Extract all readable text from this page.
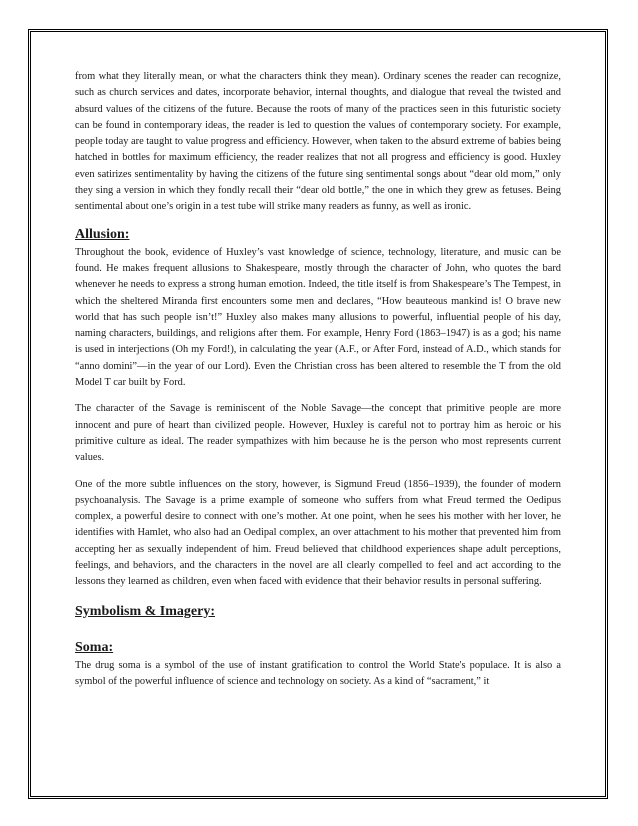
from what they literally mean, or what the characters think they mean). Ordinary scenes the reader can recognize, such as church services and dates, incorporate behavior, internal thoughts, and dialogue that reveal the twisted and absurd values of the citizens of the future. Because the roots of many of the practices seen in this futuristic society can be found in contemporary ideas, the reader is led to question the values of contemporary society. For example, people today are taught to value progress and efficiency. However, when taken to the absurd extreme of babies being hatched in bottles for maximum efficiency, the reader realizes that not all progress and efficiency is good. Huxley even satirizes sentimentality by having the citizens of the future sing sentimental songs about “dear old mom,” only they sing a version in which they fondly recall their “dear old bottle,” the one in which they grew as fetuses. Being sentimental about one’s origin in a test tube will strike many readers as funny, as well as ironic.

Allusion:

Throughout the book, evidence of Huxley’s vast knowledge of science, technology, literature, and music can be found. He makes frequent allusions to Shakespeare, mostly through the character of John, who quotes the bard whenever he needs to express a strong human emotion. Indeed, the title itself is from Shakespeare’s The Tempest, in which the sheltered Miranda first encounters some men and declares, “How beauteous mankind is! O brave new world that has such people isn’t!” Huxley also makes many allusions to powerful, influential people of his day, naming characters, buildings, and religions after them. For example, Henry Ford (1863–1947) is as a god; his name is used in interjections (Oh my Ford!), in calculating the year (A.F., or After Ford, instead of A.D., which stands for “anno domini”—in the year of our Lord). Even the Christian cross has been altered to resemble the T from the old Model T car built by Ford.

The character of the Savage is reminiscent of the Noble Savage—the concept that primitive people are more innocent and pure of heart than civilized people. However, Huxley is careful not to portray him as heroic or his primitive culture as ideal. The reader sympathizes with him because he is the person who most represents current values.

One of the more subtle influences on the story, however, is Sigmund Freud (1856–1939), the founder of modern psychoanalysis. The Savage is a prime example of someone who suffers from what Freud termed the Oedipus complex, a powerful desire to connect with one’s mother. At one point, when he sees his mother with her lover, he identifies with Hamlet, who also had an Oedipal complex, an over attachment to his mother that prevented him from accepting her as sexually independent of him. Freud believed that childhood experiences shape adult perceptions, feelings, and behaviors, and the characters in the novel are all clearly compelled to feel and act according to the lessons they learned as children, even when faced with evidence that their behavior results in personal suffering.

Symbolism & Imagery:
Soma:

The drug soma is a symbol of the use of instant gratification to control the World State's populace. It is also a symbol of the powerful influence of science and technology on society. As a kind of “sacrament,” it
